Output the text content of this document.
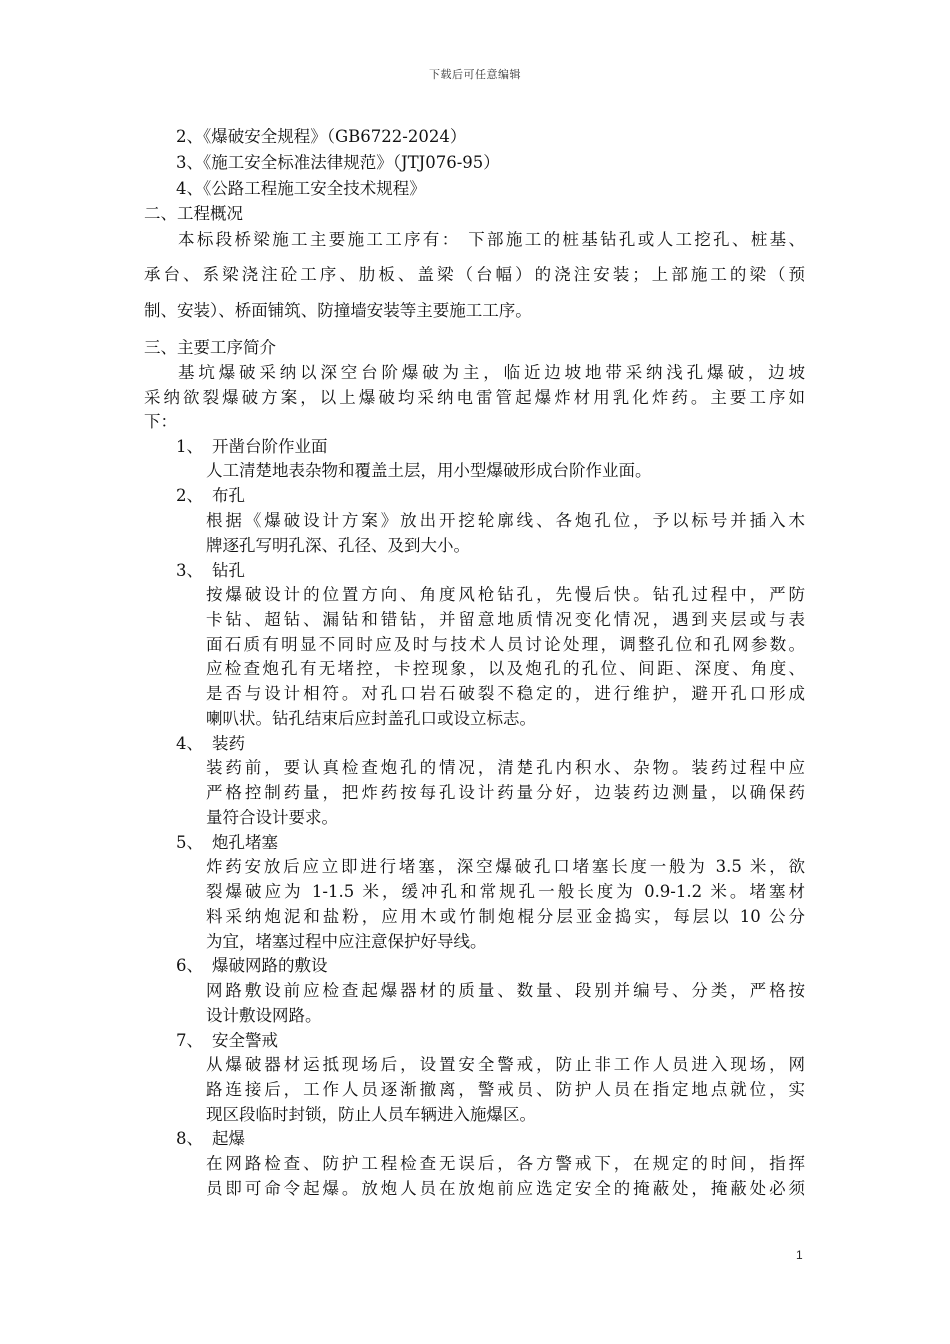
下载后可任意编辑
2、《爆破安全规程》（GB6722-2024）
3、《施工安全标准法律规范》（JTJ076-95）
4、《公路工程施工安全技术规程》
二、工程概况
本标段桥梁施工主要施工工序有： 下部施工的桩基钻孔或人工挖孔、桩基、
承台、系梁浇注砼工序、肋板、盖梁（台幅）的浇注安装；上部施工的梁（预
制、安装）、桥面铺筑、防撞墙安装等主要施工工序。
三、主要工序简介
基坑爆破采纳以深空台阶爆破为主，临近边坡地带采纳浅孔爆破，边坡
采纳欲裂爆破方案，以上爆破均采纳电雷管起爆炸材用乳化炸药。主要工序如
下：
1、 开凿台阶作业面
人工清楚地表杂物和覆盖土层，用小型爆破形成台阶作业面。
2、 布孔
根据《爆破设计方案》放出开挖轮廓线、各炮孔位，予以标号并插入木
牌逐孔写明孔深、孔径、及到大小。
3、 钻孔
按爆破设计的位置方向、角度风枪钻孔，先慢后快。钻孔过程中，严防
卡钻、超钻、漏钻和错钻，并留意地质情况变化情况，遇到夹层或与表
面石质有明显不同时应及时与技术人员讨论处理，调整孔位和孔网参数。
应检查炮孔有无堵控，卡控现象，以及炮孔的孔位、间距、深度、角度、
是否与设计相符。对孔口岩石破裂不稳定的，进行维护，避开孔口形成
喇叭状。钻孔结束后应封盖孔口或设立标志。
4、 装药
装药前，要认真检查炮孔的情况，清楚孔内积水、杂物。装药过程中应
严格控制药量，把炸药按每孔设计药量分好，边装药边测量，以确保药
量符合设计要求。
5、 炮孔堵塞
炸药安放后应立即进行堵塞，深空爆破孔口堵塞长度一般为 3.5 米，欲
裂爆破应为 1-1.5 米，缓冲孔和常规孔一般长度为 0.9-1.2 米。堵塞材
料采纳炮泥和盐粉，应用木或竹制炮棍分层亚金捣实，每层以 10 公分
为宜，堵塞过程中应注意保护好导线。
6、 爆破网路的敷设
网路敷设前应检查起爆器材的质量、数量、段别并编号、分类，严格按
设计敷设网路。
7、 安全警戒
从爆破器材运抵现场后，设置安全警戒，防止非工作人员进入现场，网
路连接后，工作人员逐渐撤离，警戒员、防护人员在指定地点就位，实
现区段临时封锁，防止人员车辆进入施爆区。
8、 起爆
在网路检查、防护工程检查无误后，各方警戒下，在规定的时间，指挥
员即可命令起爆。放炮人员在放炮前应选定安全的掩蔽处，掩蔽处必须
1
